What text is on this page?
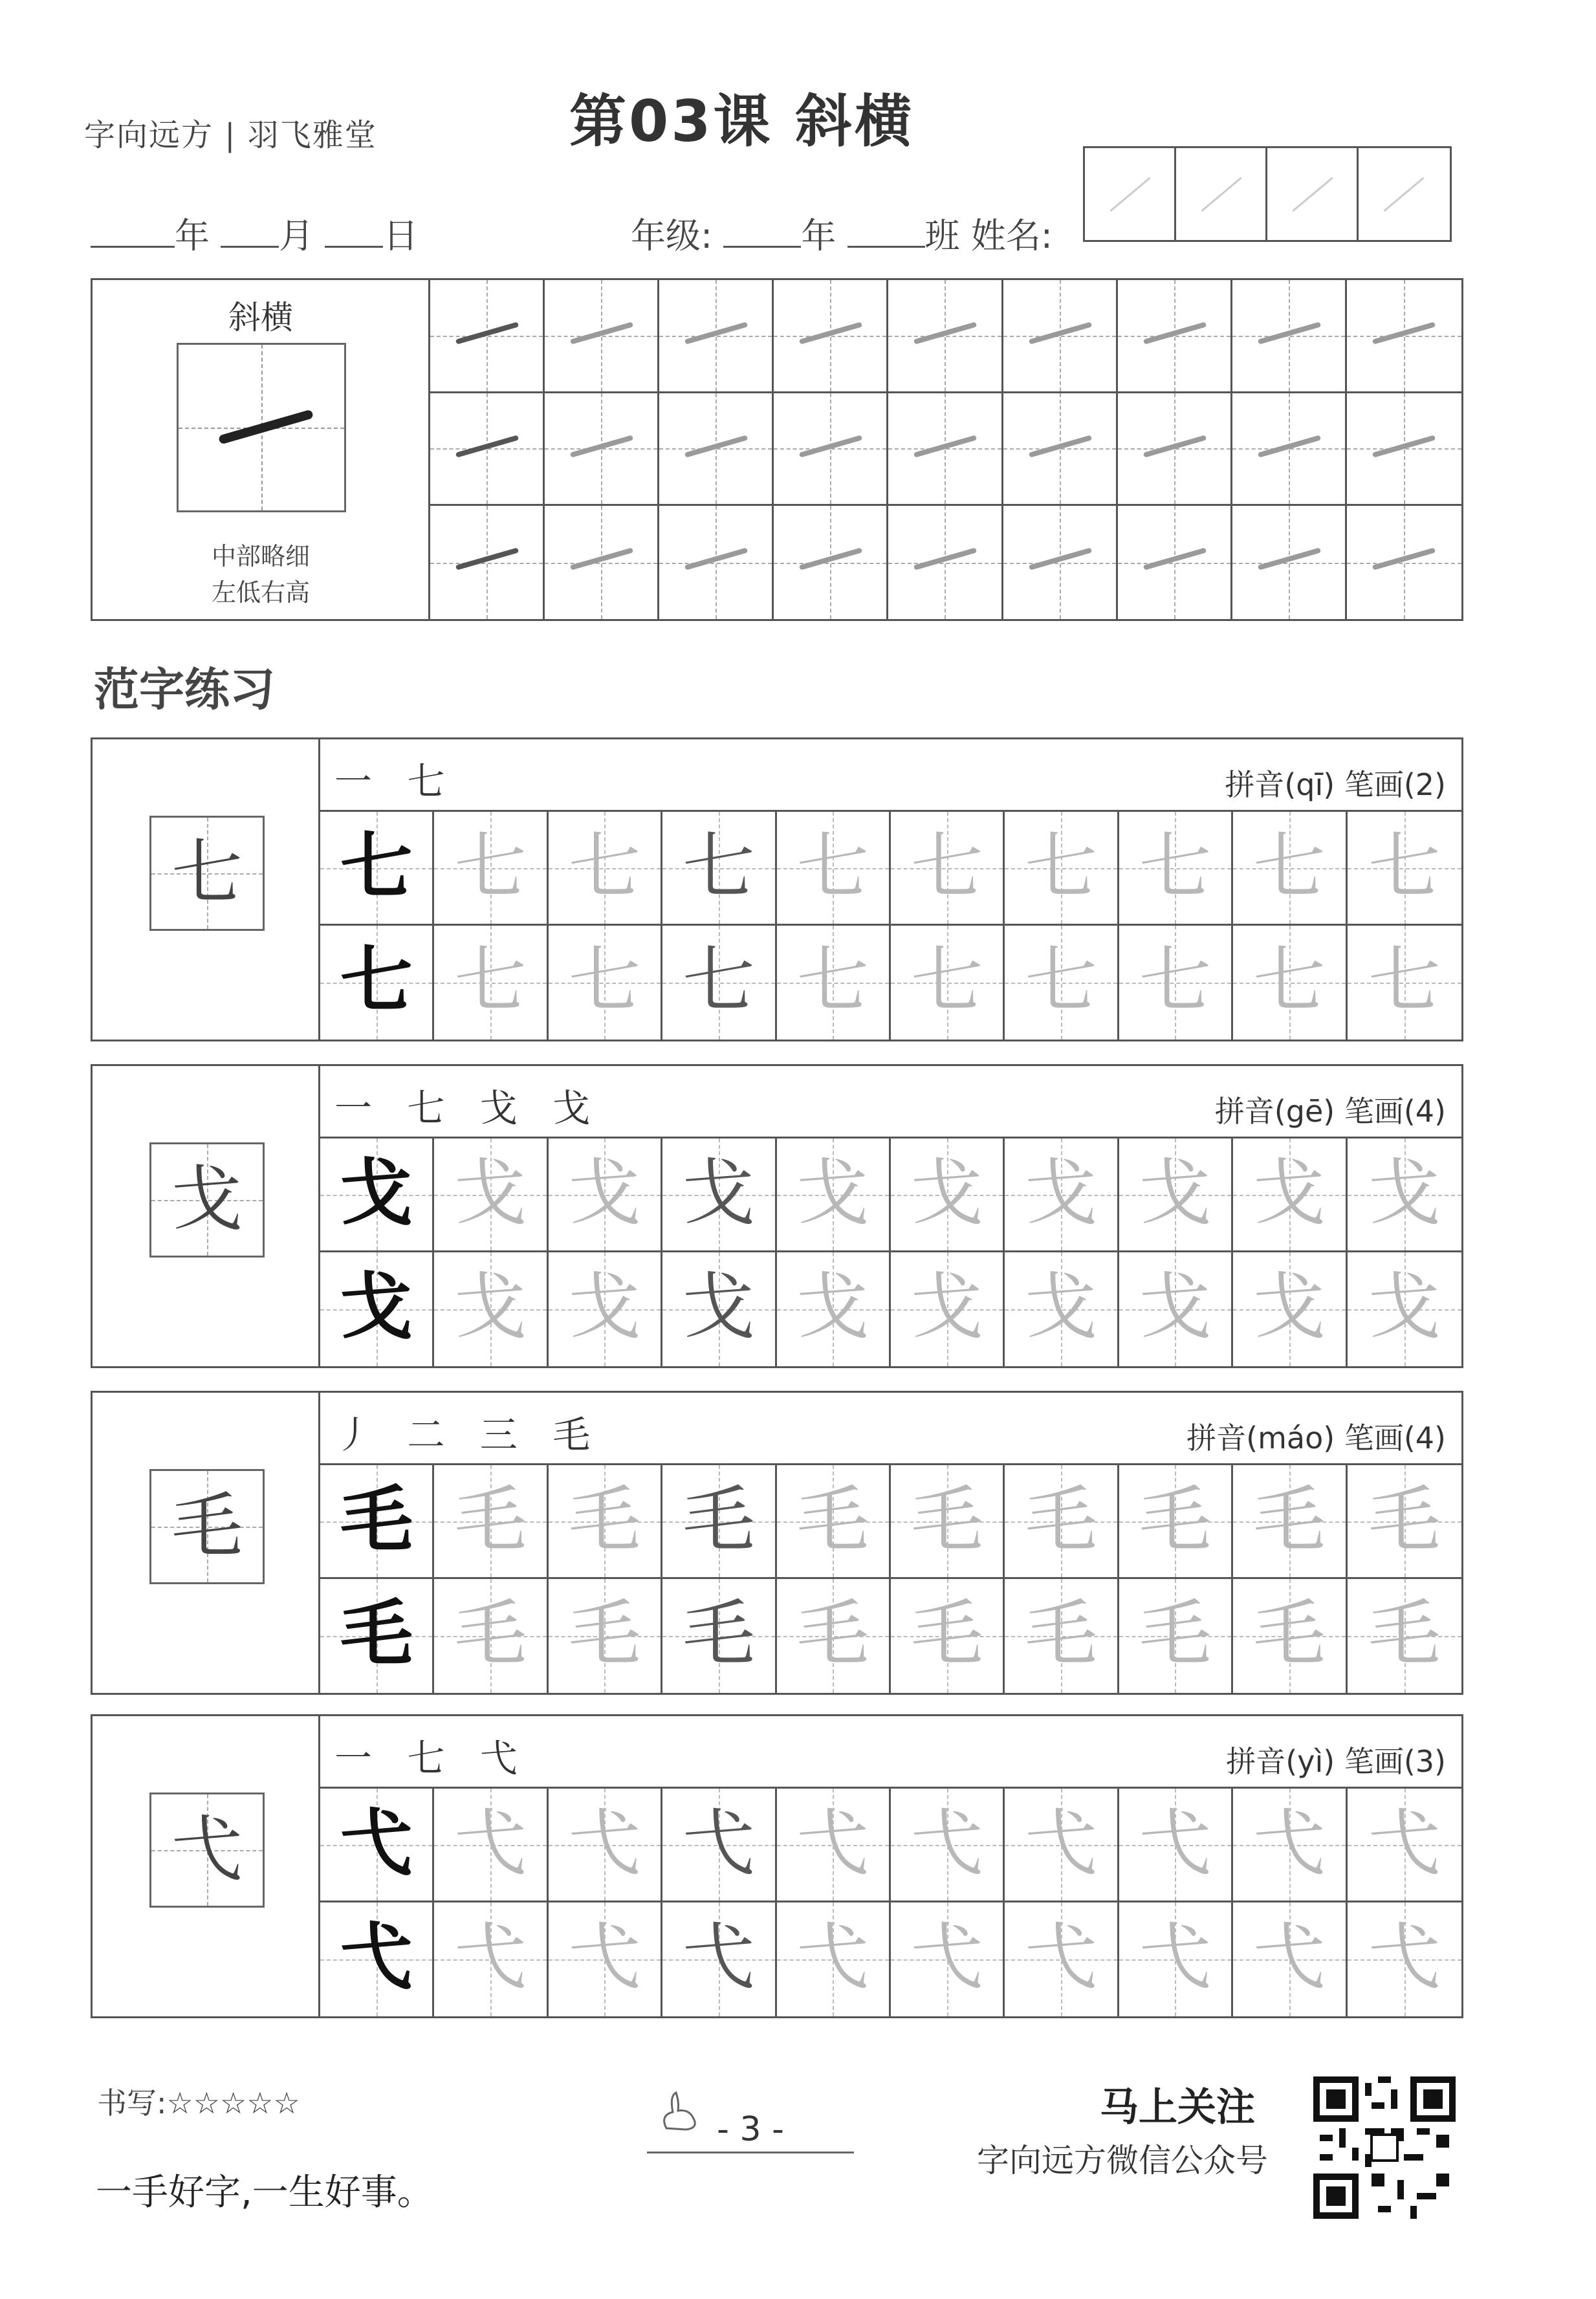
字向远方 | 羽飞雅堂	第03课 斜横
年 月 日	年级:	年	班 姓名:
斜横
中部略细
左低右高
范字练习
七
一 七	拼音(qī) 笔画(2)
七 七 七 七 七 七 七 七 七 七
七 七 七 七 七 七 七 七 七 七
戈
一 七 戈 戈	拼音(gē) 笔画(4)
戈 戈 戈 戈 戈 戈 戈 戈 戈 戈
戈 戈 戈 戈 戈 戈 戈 戈 戈 戈
毛
丿 二 三 毛	拼音(máo) 笔画(4)
毛 毛 毛 毛 毛 毛 毛 毛 毛 毛
毛 毛 毛 毛 毛 毛 毛 毛 毛 毛
弋
一 七 弋	拼音(yì) 笔画(3)
弋 弋 弋 弋 弋 弋 弋 弋 弋 弋
弋 弋 弋 弋 弋 弋 弋 弋 弋 弋
书写:☆☆☆☆☆
一手好字,一生好事。
- 3 -	马上关注
字向远方微信公众号
